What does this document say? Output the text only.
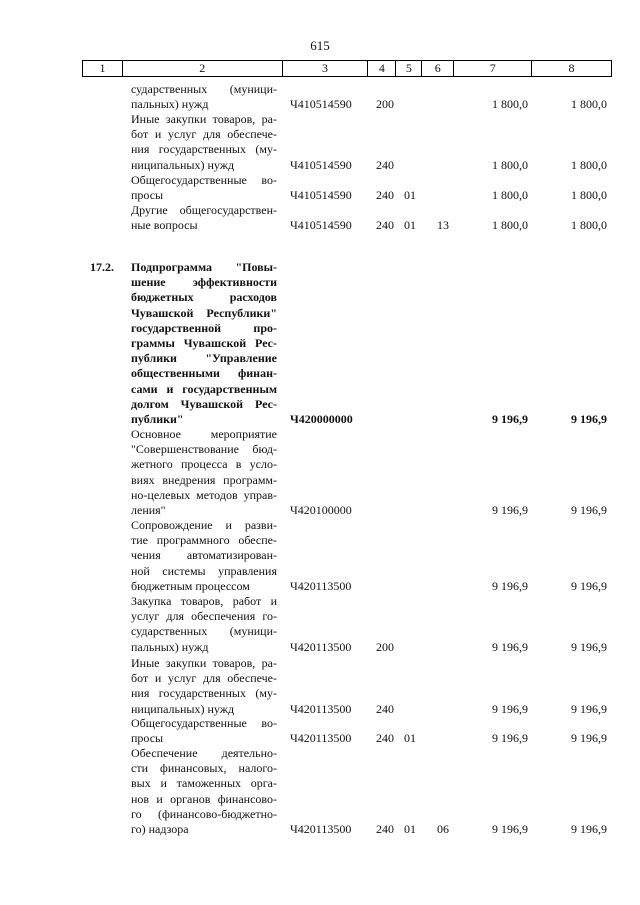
615
1	2	3	4	5	6	7	8
сударственных (муници-
пальных) нужд	Ч410514590 200	1 800,0	1 800,0
Иные закупки товаров, ра-
бот и услуг для обеспече-
ния государственных (му-
ниципальных) нужд	Ч410514590 240	1 800,0	1 800,0
Общегосударственные во-
просы	Ч410514590 240 01	1 800,0	1 800,0
Другие общегосударствен-
ные вопросы	Ч410514590 240 01 13	1 800,0	1 800,0
17.2.	Подпрограмма "Повы-
шение эффективности
бюджетных расходов
Чувашской Республики"
государственной про-
граммы Чувашской Рес-
публики "Управление
общественными финан-
сами и государственным
долгом Чувашской Рес-
публики"	Ч420000000	9 196,9	9 196,9
Основное мероприятие
"Совершенствование бюд-
жетного процесса в усло-
виях внедрения программ-
но-целевых методов управ-
ления"	Ч420100000	9 196,9	9 196,9
Сопровождение и разви-
тие программного обеспе-
чения автоматизирован-
ной системы управления
бюджетным процессом	Ч420113500	9 196,9	9 196,9
Закупка товаров, работ и
услуг для обеспечения го-
сударственных (муници-
пальных) нужд	Ч420113500 200	9 196,9	9 196,9
Иные закупки товаров, ра-
бот и услуг для обеспече-
ния государственных (му-
ниципальных) нужд	Ч420113500 240	9 196,9	9 196,9
Общегосударственные во-
просы	Ч420113500 240 01	9 196,9	9 196,9
Обеспечение деятельно-
сти финансовых, налого-
вых и таможенных орга-
нов и органов финансово-
го (финансово-бюджетно-
го) надзора	Ч420113500 240 01 06	9 196,9	9 196,9
